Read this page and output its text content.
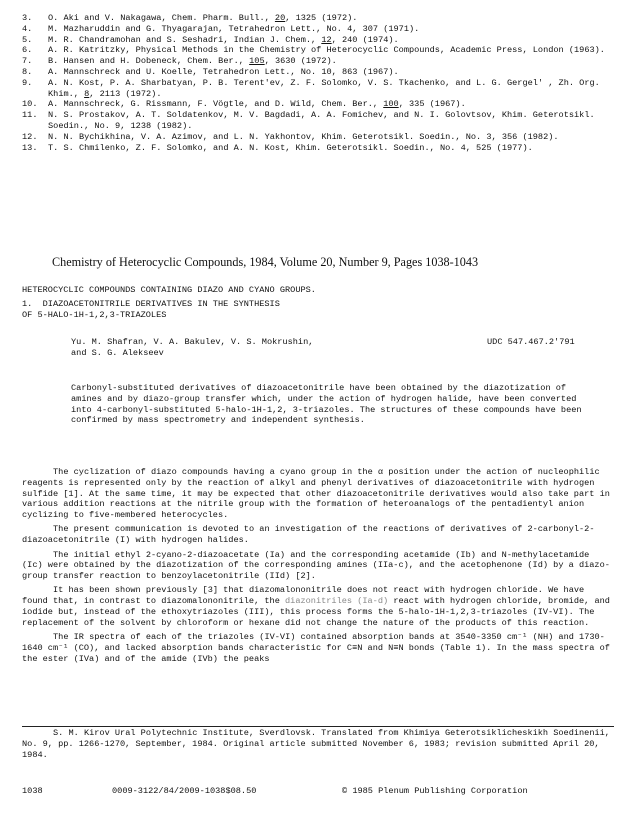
3.	O. Aki and V. Nakagawa, Chem. Pharm. Bull., 20, 1325 (1972).
4.	M. Mazharuddin and G. Thyagarajan, Tetrahedron Lett., No. 4, 307 (1971).
5.	M. R. Chandramohan and S. Seshadri, Indian J. Chem., 12, 240 (1974).
6.	A. R. Katritzky, Physical Methods in the Chemistry of Heterocyclic Compounds, Academic Press, London (1963).
7.	B. Hansen and H. Dobeneck, Chem. Ber., 105, 3630 (1972).
8.	A. Mannschreck and U. Koelle, Tetrahedron Lett., No. 10, 863 (1967).
9.	A. N. Kost, P. A. Sharbatyan, P. B. Terent'ev, Z. F. Solomko, V. S. Tkachenko, and L. G. Gergel' , Zh. Org. Khim., 8, 2113 (1972).
10.	A. Mannschreck, G. Rissmann, F. Vögtle, and D. Wild, Chem. Ber., 100, 335 (1967).
11.	N. S. Prostakov, A. T. Soldatenkov, M. V. Bagdadi, A. A. Fomichev, and N. I. Golovtsov, Khim. Geterotsikl. Soedin., No. 9, 1238 (1982).
12.	N. N. Bychikhina, V. A. Azimov, and L. N. Yakhontov, Khim. Geterotsikl. Soedin., No. 3, 356 (1982).
13.	T. S. Chmilenko, Z. F. Solomko, and A. N. Kost, Khim. Geterotsikl. Soedin., No. 4, 525 (1977).
Chemistry of Heterocyclic Compounds, 1984, Volume 20, Number 9, Pages 1038-1043
HETEROCYCLIC COMPOUNDS CONTAINING DIAZO AND CYANO GROUPS.
1.  DIAZOACETONITRILE DERIVATIVES IN THE SYNTHESIS
OF 5-HALO-1H-1,2,3-TRIAZOLES
Yu. M. Shafran, V. A. Bakulev, V. S. Mokrushin,
and S. G. Alekseev
UDC 547.467.2'791
Carbonyl-substituted derivatives of diazoacetonitrile have been obtained by the diazotization of amines and by diazo-group transfer which, under the action of hydrogen halide, have been converted into 4-carbonyl-substituted 5-halo-1H-1,2, 3-triazoles. The structures of these compounds have been confirmed by mass spectrometry and independent synthesis.

The cyclization of diazo compounds having a cyano group in the α position under the action of nucleophilic reagents is represented only by the reaction of alkyl and phenyl derivatives of diazoacetonitrile with hydrogen sulfide [1]. At the same time, it may be expected that other diazoacetonitrile derivatives would also take part in various addition reactions at the nitrile group with the formation of heteroanalogs of the pentadientyl anion cyclizing to five-membered heterocycles.

The present communication is devoted to an investigation of the reactions of derivatives of 2-carbonyl-2-diazoacetonitrile (I) with hydrogen halides.

The initial ethyl 2-cyano-2-diazoacetate (Ia) and the corresponding acetamide (Ib) and N-methylacetamide (Ic) were obtained by the diazotization of the corresponding amines (IIa-c), and the acetophenone (Id) by a diazo-group transfer reaction to benzoylacetonitrile (IId) [2].

It has been shown previously [3] that diazomalononitrile does not react with hydrogen chloride. We have found that, in contrast to diazomalononitrile, the diazonitriles (Ia-d) react with hydrogen chloride, bromide, and iodide but, instead of the ethoxytriazoles (III), this process forms the 5-halo-1H-1,2,3-triazoles (IV-VI). The replacement of the solvent by chloroform or hexane did not change the nature of the products of this reaction.

The IR spectra of each of the triazoles (IV-VI) contained absorption bands at 3540-3350 cm⁻¹ (NH) and 1730-1640 cm⁻¹ (CO), and lacked absorption bands characteristic for C≡N and N≡N bonds (Table 1). In the mass spectra of the ester (IVa) and of the amide (IVb) the peaks

S. M. Kirov Ural Polytechnic Institute, Sverdlovsk. Translated from Khimiya Geterotsiklicheskikh Soedinenii, No. 9, pp. 1266-1270, September, 1984. Original article submitted November 6, 1983; revision submitted April 20, 1984.

1038	0009-3122/84/2009-1038$08.50	© 1985 Plenum Publishing Corporation
